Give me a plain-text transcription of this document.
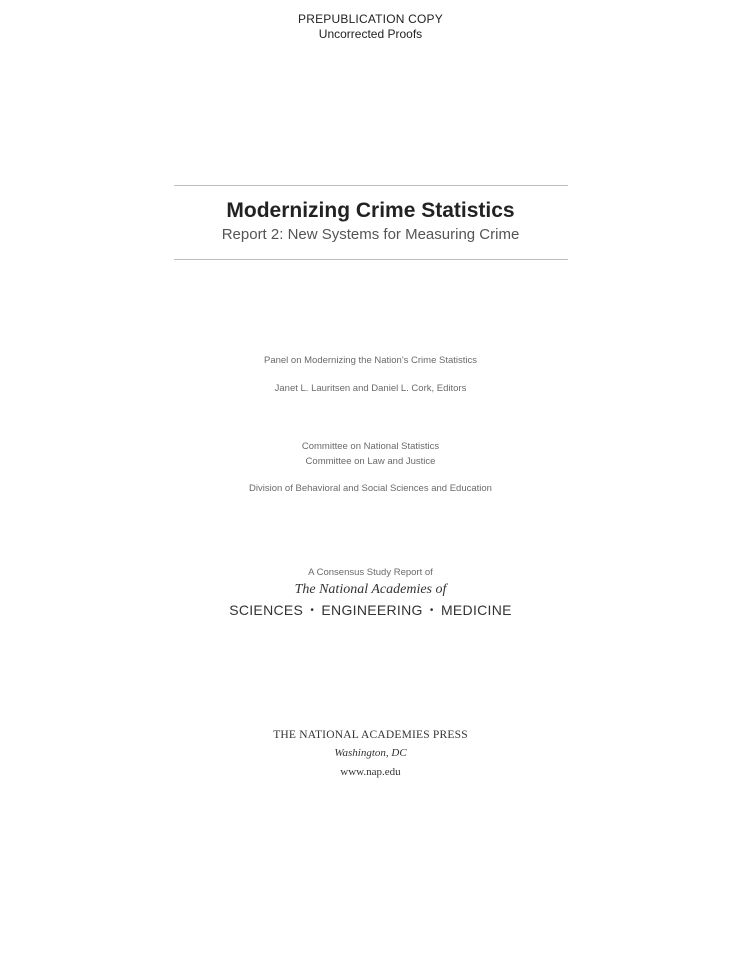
PREPUBLICATION COPY
Uncorrected Proofs
Modernizing Crime Statistics
Report 2: New Systems for Measuring Crime
Panel on Modernizing the Nation's Crime Statistics
Janet L. Lauritsen and Daniel L. Cork, Editors
Committee on National Statistics
Committee on Law and Justice
Division of Behavioral and Social Sciences and Education
A Consensus Study Report of
The National Academies of
SCIENCES • ENGINEERING • MEDICINE
THE NATIONAL ACADEMIES PRESS
Washington, DC
www.nap.edu
